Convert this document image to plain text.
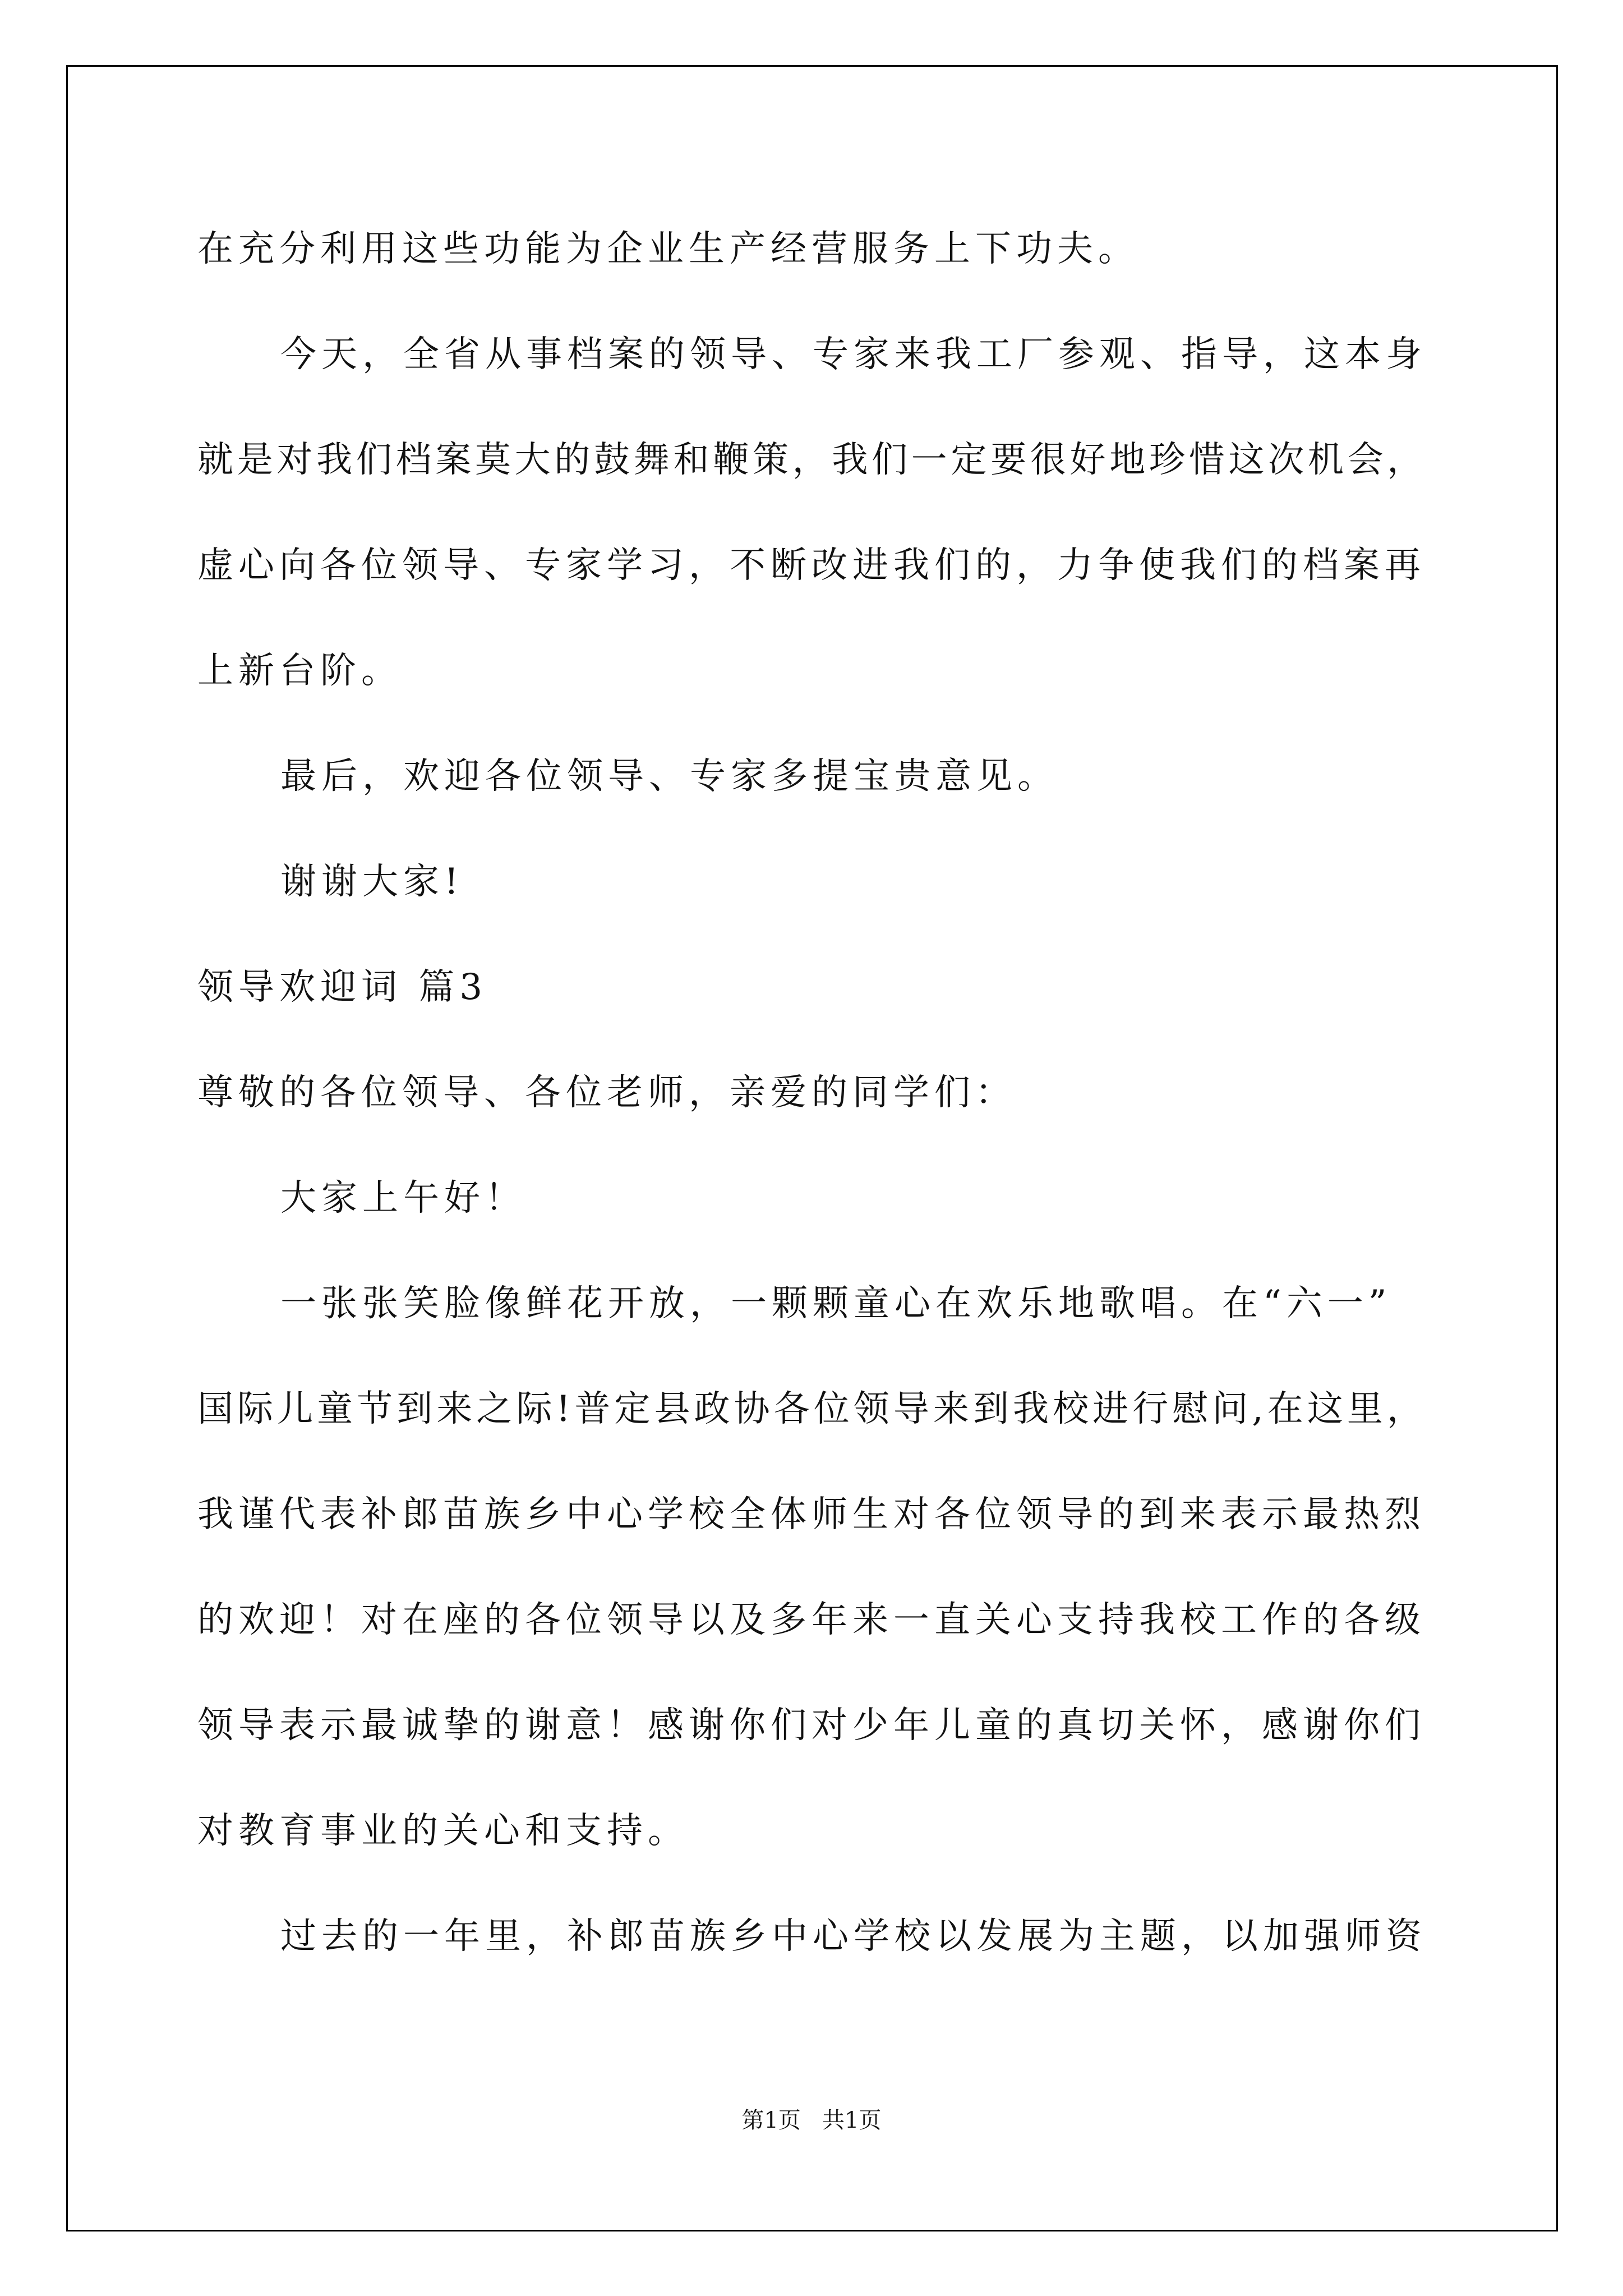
在充分利用这些功能为企业生产经营服务上下功夫。
今天，全省从事档案的领导、专家来我工厂参观、指导，这本身
就是对我们档案莫大的鼓舞和鞭策，我们一定要很好地珍惜这次机会，
虚心向各位领导、专家学习，不断改进我们的，力争使我们的档案再
上新台阶。
最后，欢迎各位领导、专家多提宝贵意见。
谢谢大家!
领导欢迎词 篇3
尊敬的各位领导、各位老师，亲爱的同学们：
大家上午好！
一张张笑脸像鲜花开放，一颗颗童心在欢乐地歌唱。在“六一”
国际儿童节到来之际!普定县政协各位领导来到我校进行慰问,在这里，
我谨代表补郎苗族乡中心学校全体师生对各位领导的到来表示最热烈
的欢迎！对在座的各位领导以及多年来一直关心支持我校工作的各级
领导表示最诚挚的谢意！感谢你们对少年儿童的真切关怀，感谢你们
对教育事业的关心和支持。
过去的一年里，补郎苗族乡中心学校以发展为主题，以加强师资
第1页   共1页
